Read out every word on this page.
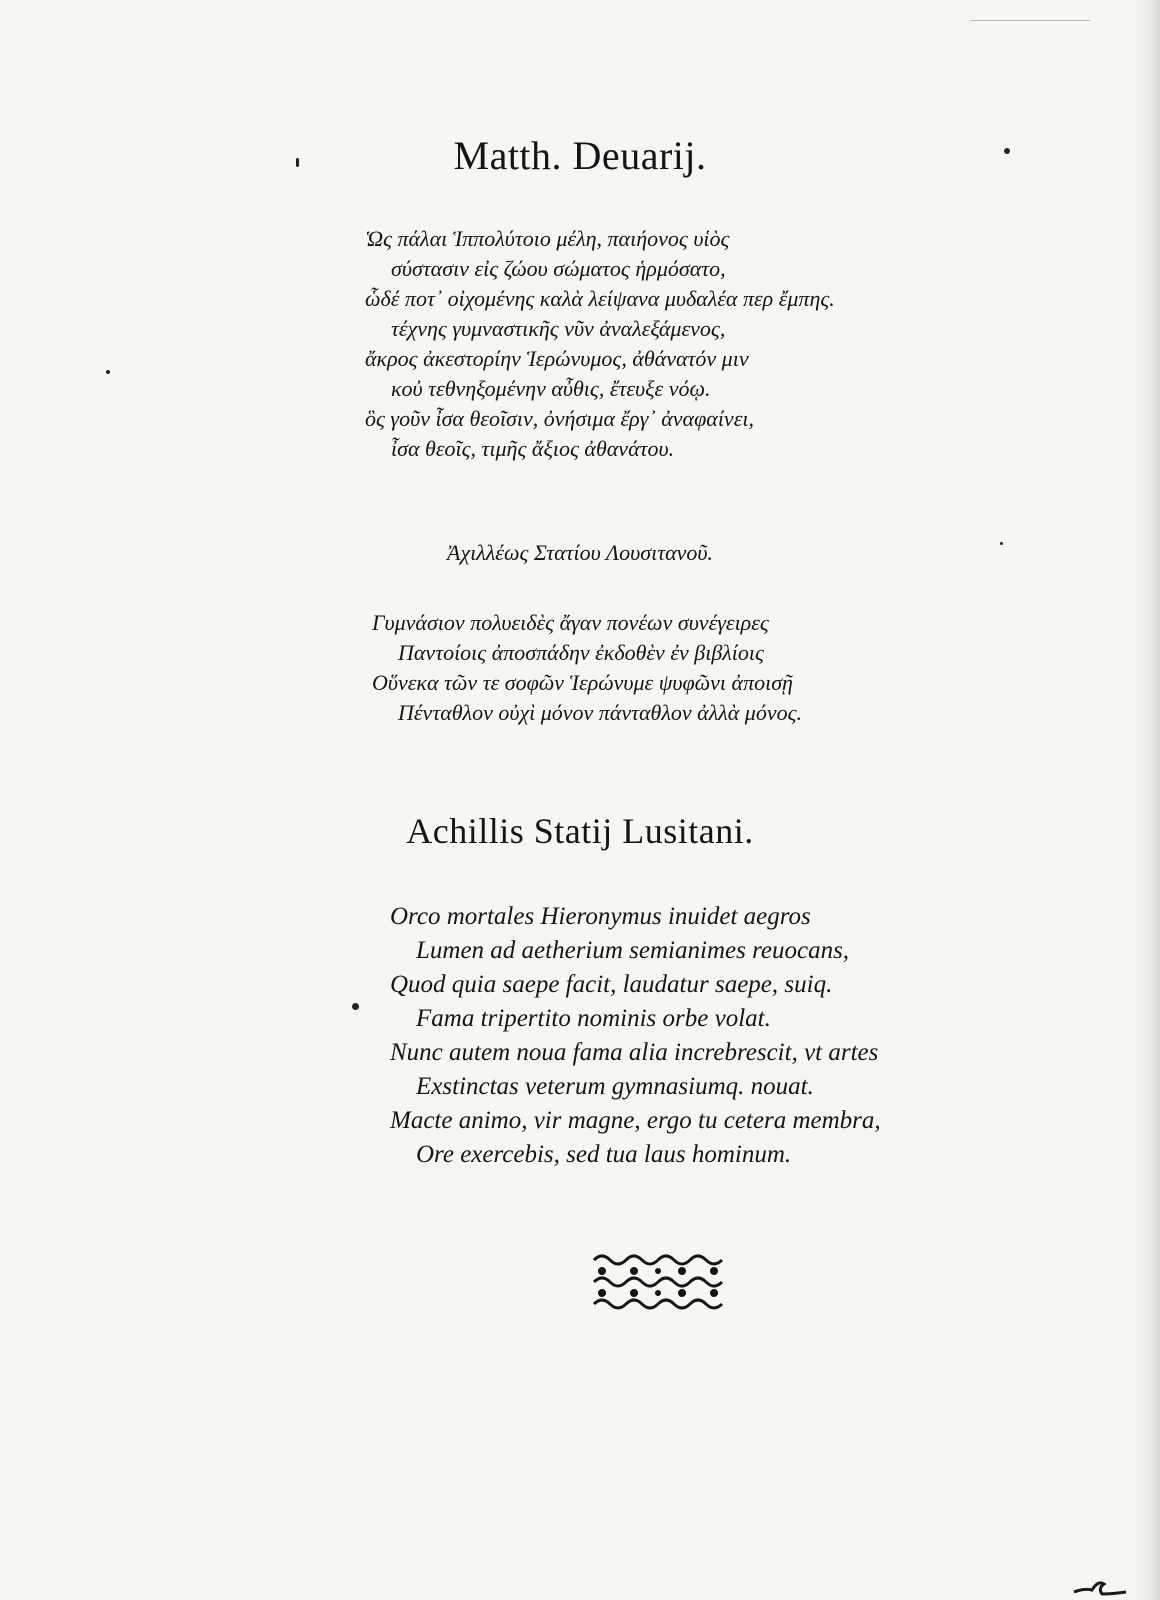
Matth. Deuarij.
Ὡς πάλαι Ἱππολύτοιο μέλη, παιήονος υἱὸς
σύστασιν εἰς ζώου σώματος ἡρμόσατο,
ὧδέ ποτ᾽ οἰχομένης καλὰ λείψανα μυδαλέα περ ἔμπης.
τέχνης γυμναστικῆς νῦν ἀναλεξάμενος,
ἄκρος ἀκεστορίην Ἱερώνυμος, ἀθάνατόν μιν
κοὐ τεθνηξομένην αὖθις, ἔτευξε νόῳ.
ὃς γοῦν ἶσα θεοῖσιν, ὀνήσιμα ἔργ᾽ ἀναφαίνει,
ἶσα θεοῖς, τιμῆς ἄξιος ἀθανάτου.
Ἀχιλλέως Στατίου Λουσιτανοῦ.
Γυμνάσιον πολυειδὲς ἄγαν πονέων συνέγειρες
Παντοίοις ἀποσπάδην ἐκδοθὲν ἐν βιβλίοις
Οὕνεκα τῶν τε σοφῶν Ἱερώνυμε ψυφῶνι ἀποισῇ
Πένταθλον οὐχὶ μόνον πάνταθλον ἀλλὰ μόνος.
Achillis Statij Lusitani.
Orco mortales Hieronymus inuidet aegros
Lumen ad aetherium semianimes reuocans,
Quod quia saepe facit, laudatur saepe, suiq.
Fama tripertito nominis orbe volat.
Nunc autem noua fama alia increbrescit, vt artes
Exstinctas veterum gymnasiumq. nouat.
Macte animo, vir magne, ergo tu cetera membra,
Ore exercebis, sed tua laus hominum.
